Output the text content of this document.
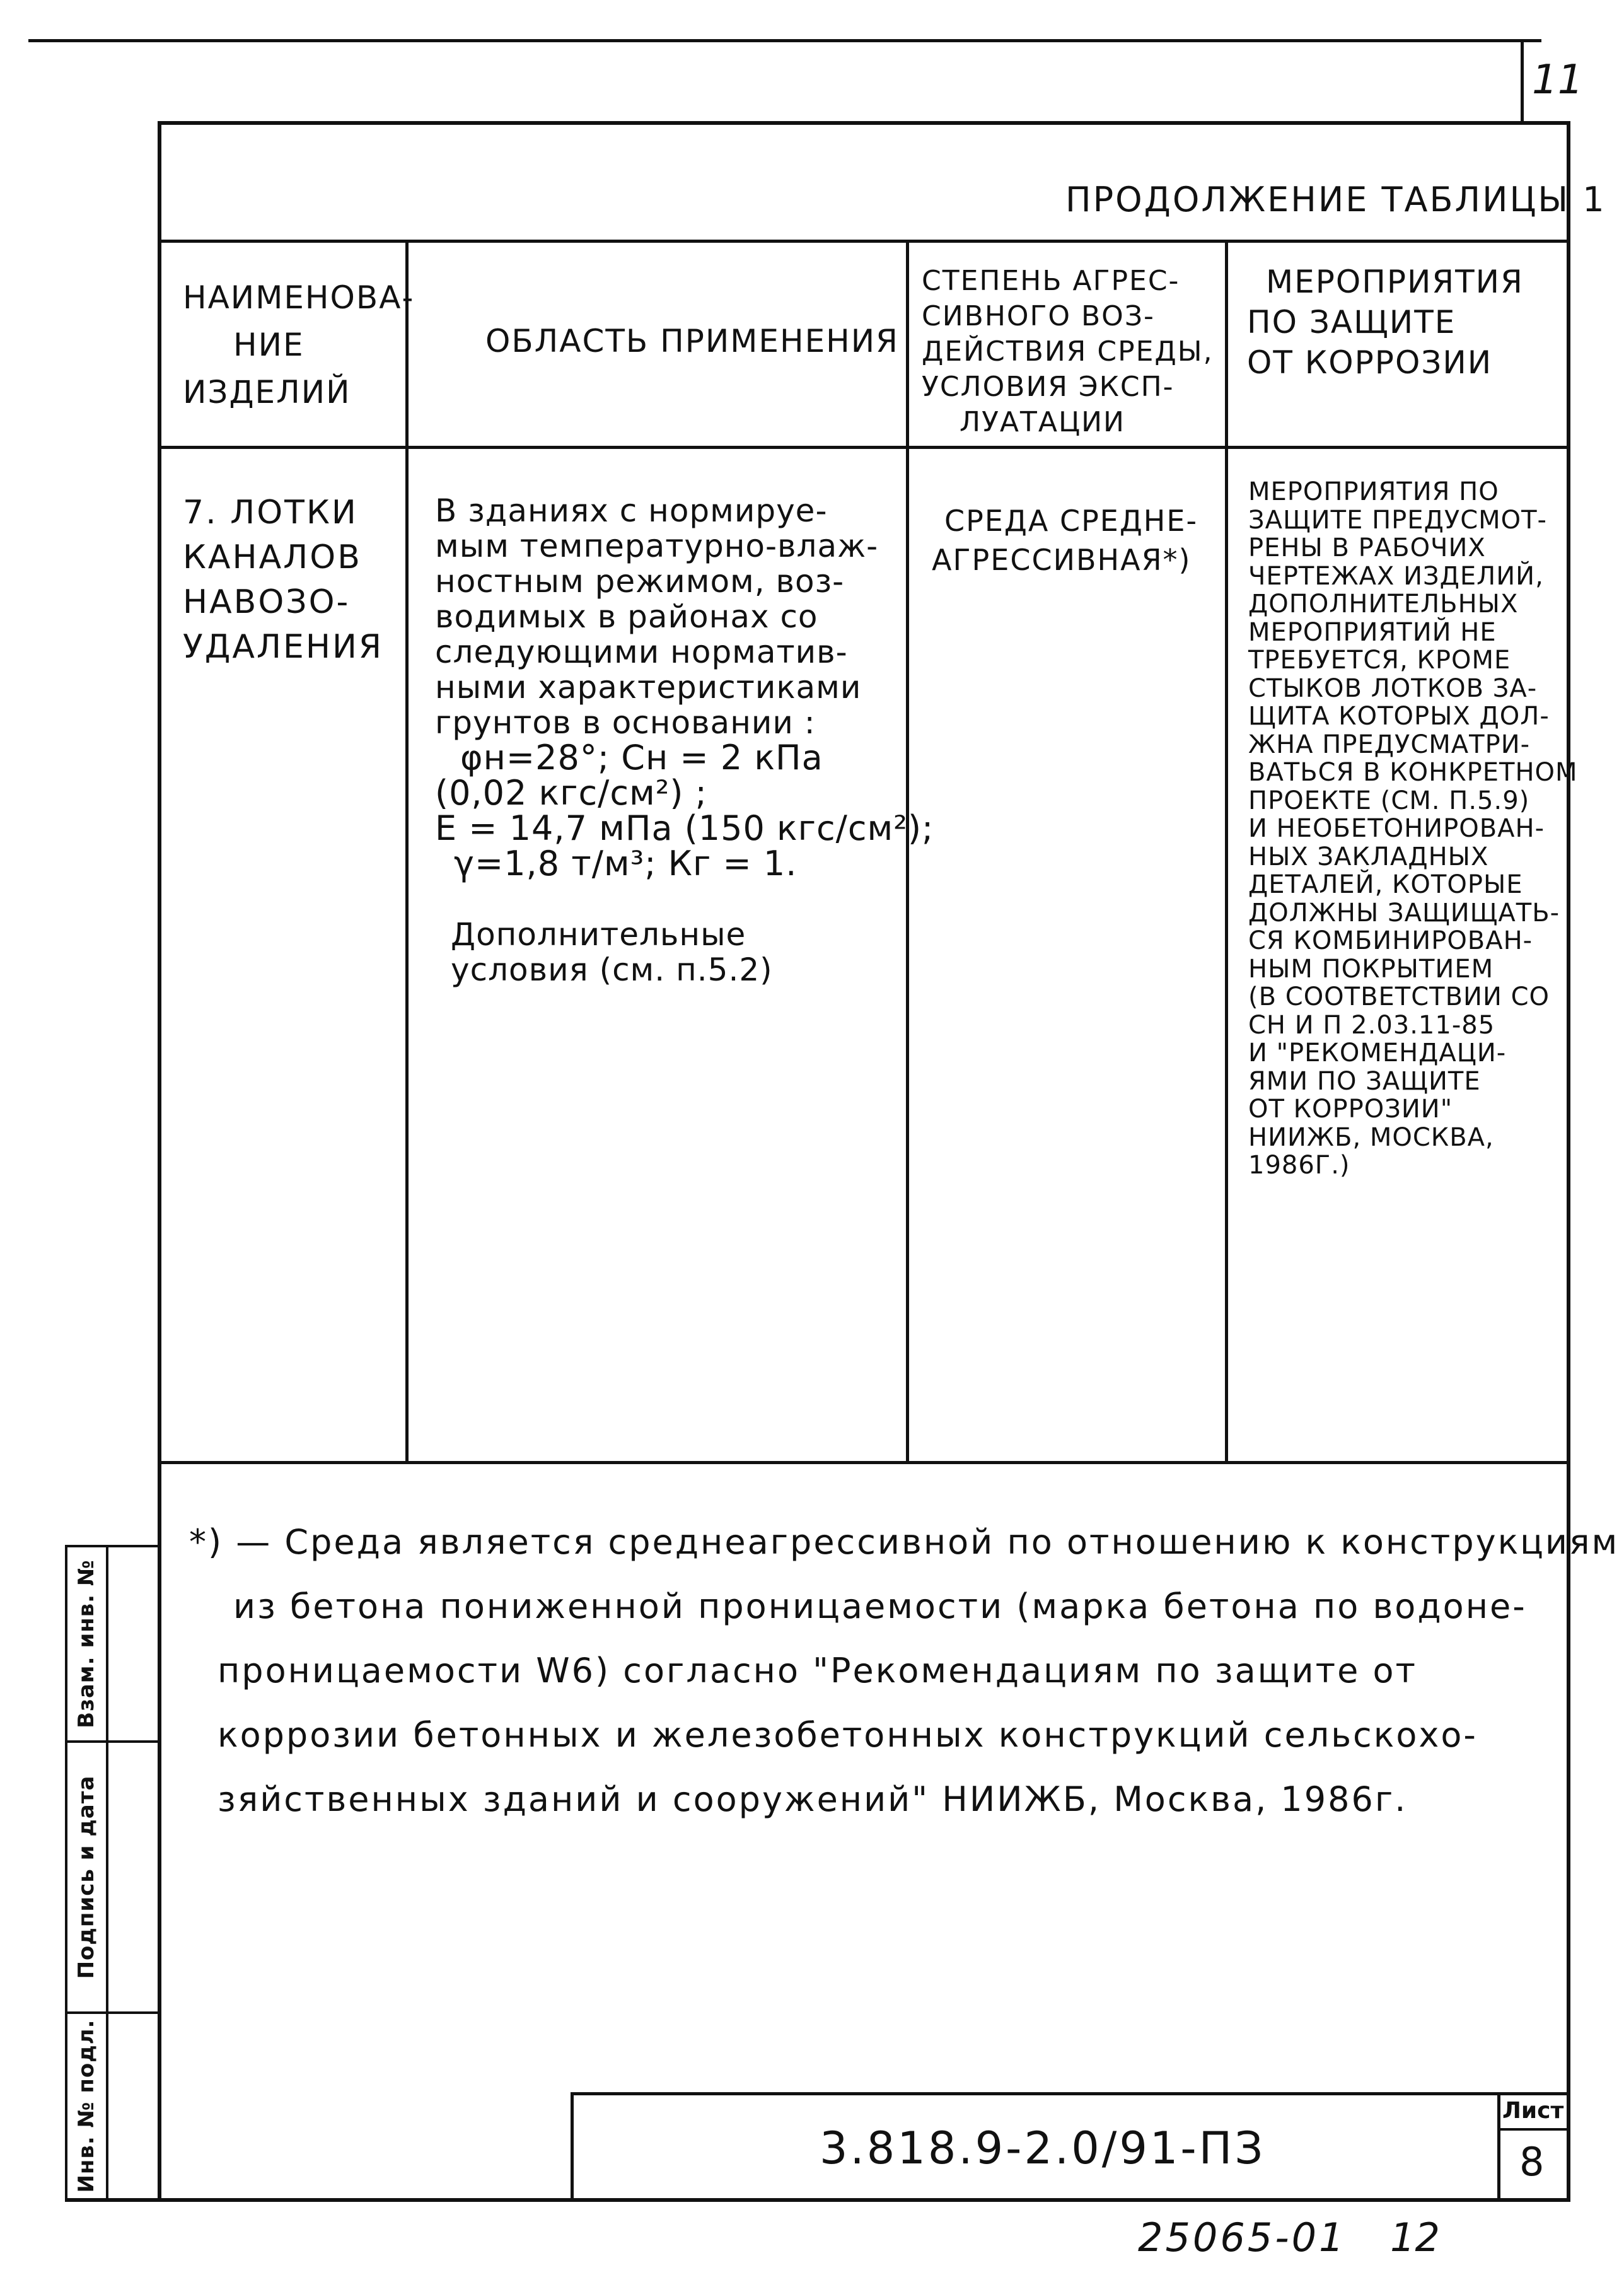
11
ПРОДОЛЖЕНИЕ ТАБЛИЦЫ 1
НАИМЕНОВА-
НИЕ
ИЗДЕЛИЙ
ОБЛАСТЬ ПРИМЕНЕНИЯ
СТЕПЕНЬ АГРЕС-
СИВНОГО ВОЗ-
ДЕЙСТВИЯ СРЕДЫ,
УСЛОВИЯ ЭКСП-
ЛУАТАЦИИ
МЕРОПРИЯТИЯ
ПО ЗАЩИТЕ
ОТ КОРРОЗИИ
7. ЛОТКИ
КАНАЛОВ
НАВОЗО-
УДАЛЕНИЯ
В зданиях с нормируе-
мым температурно-влаж-
ностным режимом, воз-
водимых в районах со
следующими норматив-
ными характеристиками
грунтов в основании :
φн=28°; Сн = 2 кПа
(0,02 кгс/см²) ;
Е = 14,7 мПа (150 кгс/см²);
γ=1,8 т/м³; Кг = 1.
Дополнительные
условия (см. п.5.2)
СРЕДА СРЕДНЕ-
АГРЕССИВНАЯ*)
МЕРОПРИЯТИЯ ПО
ЗАЩИТЕ ПРЕДУСМОТ-
РЕНЫ В РАБОЧИХ
ЧЕРТЕЖАХ ИЗДЕЛИЙ,
ДОПОЛНИТЕЛЬНЫХ
МЕРОПРИЯТИЙ НЕ
ТРЕБУЕТСЯ, КРОМЕ
СТЫКОВ ЛОТКОВ ЗА-
ЩИТА КОТОРЫХ ДОЛ-
ЖНА ПРЕДУСМАТРИ-
ВАТЬСЯ В КОНКРЕТНОМ
ПРОЕКТЕ (СМ. П.5.9)
И НЕОБЕТОНИРОВАН-
НЫХ ЗАКЛАДНЫХ
ДЕТАЛЕЙ, КОТОРЫЕ
ДОЛЖНЫ ЗАЩИЩАТЬ-
СЯ КОМБИНИРОВАН-
НЫМ ПОКРЫТИЕМ
(В СООТВЕТСТВИИ СО
СН И П 2.03.11-85
И "РЕКОМЕНДАЦИ-
ЯМИ ПО ЗАЩИТЕ
ОТ КОРРОЗИИ"
НИИЖБ, МОСКВА,
1986Г.)
*) — Среда является среднеагрессивной по отношению к конструкциям
из бетона пониженной проницаемости (марка бетона по водоне-
проницаемости W6) согласно "Рекомендациям по защите от
коррозии бетонных и железобетонных конструкций сельскохо-
зяйственных зданий и сооружений" НИИЖБ, Москва, 1986г.
Взам. инв. №
Подпись и дата
Инв. № подл.	3.818.9-2.0/91-ПЗ
Лист
8
25065-01 12
